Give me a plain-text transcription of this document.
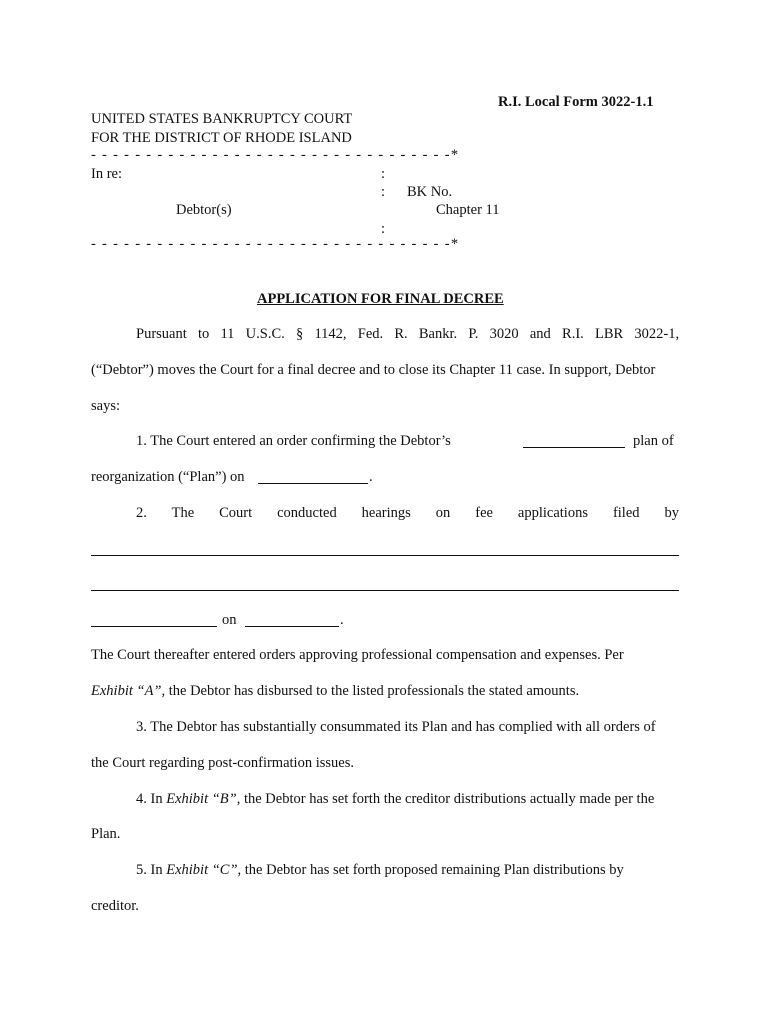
R.I. Local Form 3022-1.1
UNITED STATES BANKRUPTCY COURT
FOR THE DISTRICT OF RHODE ISLAND
- - - - - - - - - - - - - - - - - - - - - - - - - - - - - - - - -*
In re:	:
: BK No.
Debtor(s)	Chapter 11
:
- - - - - - - - - - - - - - - - - - - - - - - - - - - - - - - - -*
APPLICATION FOR FINAL DECREE
Pursuant to 11 U.S.C. § 1142, Fed. R. Bankr. P. 3020 and R.I. LBR 3022-1,
(“Debtor”) moves the Court for a final decree and to close its Chapter 11 case. In support, Debtor
says:
1. The Court entered an order confirming the Debtor’s	plan of
reorganization (“Plan”) on	.
2. The Court conducted hearings on fee applications filed by
on	.
The Court thereafter entered orders approving professional compensation and expenses. Per
Exhibit “A”, the Debtor has disbursed to the listed professionals the stated amounts.
3. The Debtor has substantially consummated its Plan and has complied with all orders of
the Court regarding post-confirmation issues.
4. In Exhibit “B”, the Debtor has set forth the creditor distributions actually made per the
Plan.
5. In Exhibit “C”, the Debtor has set forth proposed remaining Plan distributions by
creditor.
